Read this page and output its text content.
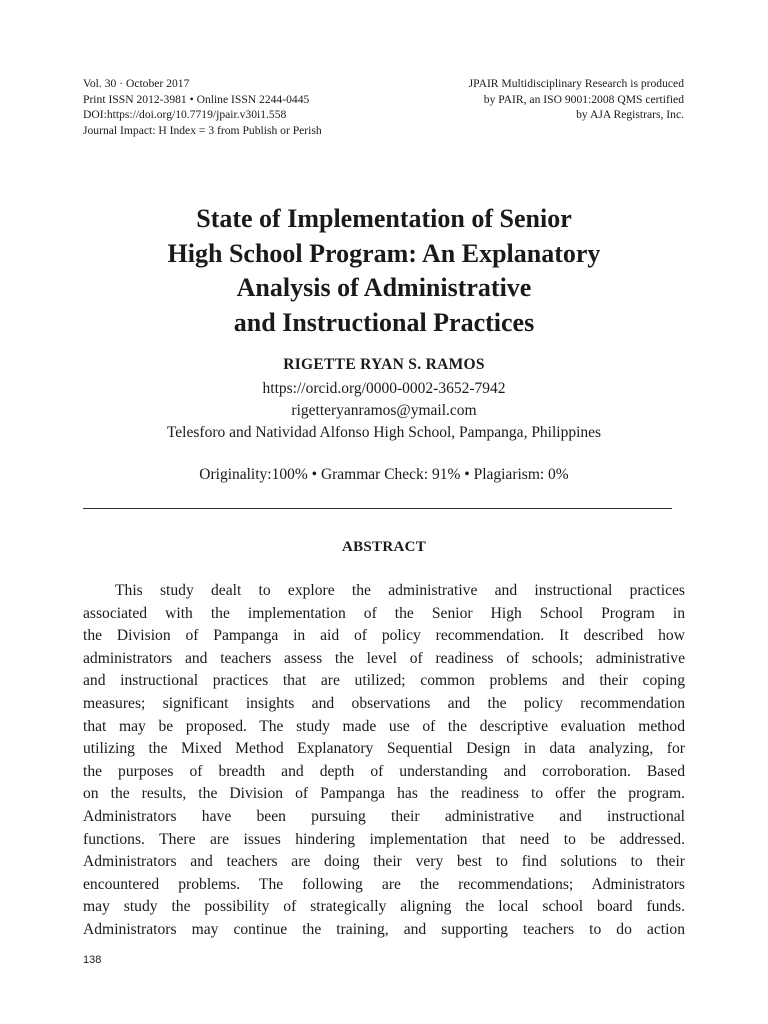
Vol. 30 · October 2017
Print ISSN 2012-3981 • Online ISSN 2244-0445
DOI:https://doi.org/10.7719/jpair.v30i1.558
Journal Impact: H Index = 3 from Publish or Perish
JPAIR Multidisciplinary Research is produced
by PAIR, an ISO 9001:2008 QMS certified
by AJA Registrars, Inc.
State of Implementation of Senior
High School Program: An Explanatory
Analysis of Administrative
and Instructional Practices
RIGETTE RYAN S. RAMOS
https://orcid.org/0000-0002-3652-7942
rigetteryanramos@ymail.com
Telesforo and Natividad Alfonso High School, Pampanga, Philippines
Originality:100% • Grammar Check: 91% • Plagiarism: 0%
ABSTRACT
This study dealt to explore the administrative and instructional practices
associated with the implementation of the Senior High School Program in
the Division of Pampanga in aid of policy recommendation. It described how
administrators and teachers assess the level of readiness of schools; administrative
and instructional practices that are utilized; common problems and their coping
measures; significant insights and observations and the policy recommendation
that may be proposed. The study made use of the descriptive evaluation method
utilizing the Mixed Method Explanatory Sequential Design in data analyzing, for
the purposes of breadth and depth of understanding and corroboration. Based
on the results, the Division of Pampanga has the readiness to offer the program.
Administrators have been pursuing their administrative and instructional
functions. There are issues hindering implementation that need to be addressed.
Administrators and teachers are doing their very best to find solutions to their
encountered problems. The following are the recommendations; Administrators
may study the possibility of strategically aligning the local school board funds.
Administrators may continue the training, and supporting teachers to do action
138
